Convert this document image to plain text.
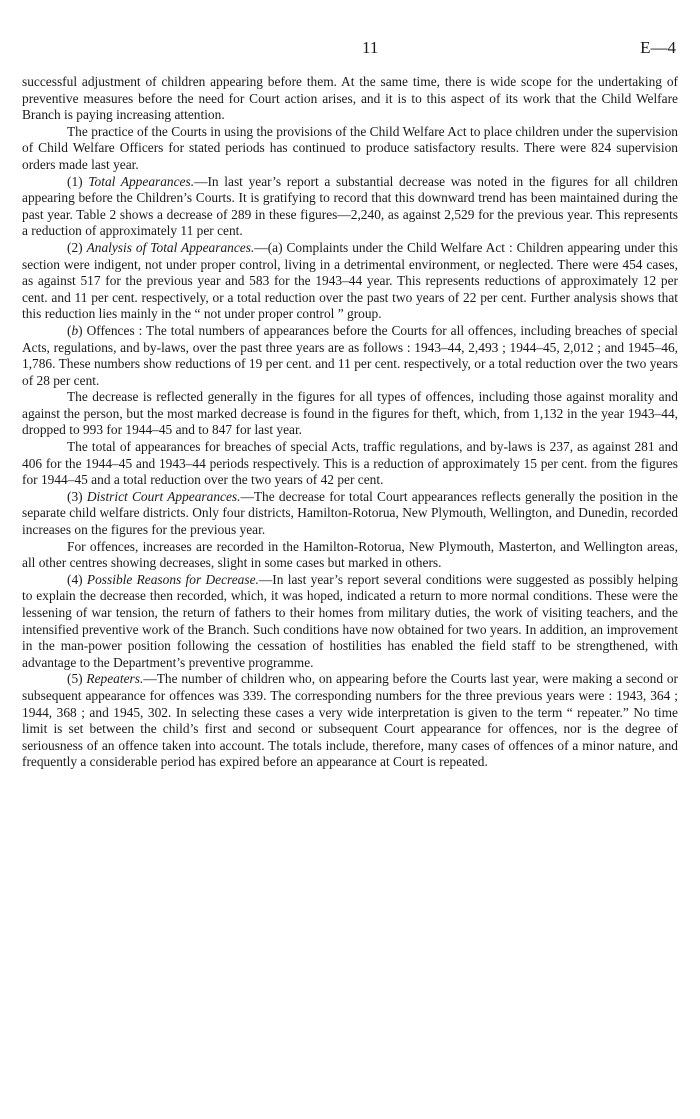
11	E—4

successful adjustment of children appearing before them. At the same time, there is wide scope for the undertaking of preventive measures before the need for Court action arises, and it is to this aspect of its work that the Child Welfare Branch is paying increasing attention.

The practice of the Courts in using the provisions of the Child Welfare Act to place children under the supervision of Child Welfare Officers for stated periods has continued to produce satisfactory results. There were 824 supervision orders made last year.

(1) Total Appearances.—In last year’s report a substantial decrease was noted in the figures for all children appearing before the Children’s Courts. It is gratifying to record that this downward trend has been maintained during the past year. Table 2 shows a decrease of 289 in these figures—2,240, as against 2,529 for the previous year. This represents a reduction of approximately 11 per cent.

(2) Analysis of Total Appearances.—(a) Complaints under the Child Welfare Act : Children appearing under this section were indigent, not under proper control, living in a detrimental environment, or neglected. There were 454 cases, as against 517 for the previous year and 583 for the 1943–44 year. This represents reductions of approximately 12 per cent. and 11 per cent. respectively, or a total reduction over the past two years of 22 per cent. Further analysis shows that this reduction lies mainly in the “ not under proper control ” group.

(b) Offences : The total numbers of appearances before the Courts for all offences, including breaches of special Acts, regulations, and by-laws, over the past three years are as follows : 1943–44, 2,493 ; 1944–45, 2,012 ; and 1945–46, 1,786. These numbers show reductions of 19 per cent. and 11 per cent. respectively, or a total reduction over the two years of 28 per cent.

The decrease is reflected generally in the figures for all types of offences, including those against morality and against the person, but the most marked decrease is found in the figures for theft, which, from 1,132 in the year 1943–44, dropped to 993 for 1944–45 and to 847 for last year.

The total of appearances for breaches of special Acts, traffic regulations, and by-laws is 237, as against 281 and 406 for the 1944–45 and 1943–44 periods respectively. This is a reduction of approximately 15 per cent. from the figures for 1944–45 and a total reduction over the two years of 42 per cent.

(3) District Court Appearances.—The decrease for total Court appearances reflects generally the position in the separate child welfare districts. Only four districts, Hamilton-Rotorua, New Plymouth, Wellington, and Dunedin, recorded increases on the figures for the previous year.

For offences, increases are recorded in the Hamilton-Rotorua, New Plymouth, Masterton, and Wellington areas, all other centres showing decreases, slight in some cases but marked in others.

(4) Possible Reasons for Decrease.—In last year’s report several conditions were suggested as possibly helping to explain the decrease then recorded, which, it was hoped, indicated a return to more normal conditions. These were the lessening of war tension, the return of fathers to their homes from military duties, the work of visiting teachers, and the intensified preventive work of the Branch. Such conditions have now obtained for two years. In addition, an improvement in the man-power position following the cessation of hostilities has enabled the field staff to be strengthened, with advantage to the Department’s preventive programme.

(5) Repeaters.—The number of children who, on appearing before the Courts last year, were making a second or subsequent appearance for offences was 339. The corresponding numbers for the three previous years were : 1943, 364 ; 1944, 368 ; and 1945, 302. In selecting these cases a very wide interpretation is given to the term “ repeater.” No time limit is set between the child’s first and second or subsequent Court appearance for offences, nor is the degree of seriousness of an offence taken into account. The totals include, therefore, many cases of offences of a minor nature, and frequently a considerable period has expired before an appearance at Court is repeated.
